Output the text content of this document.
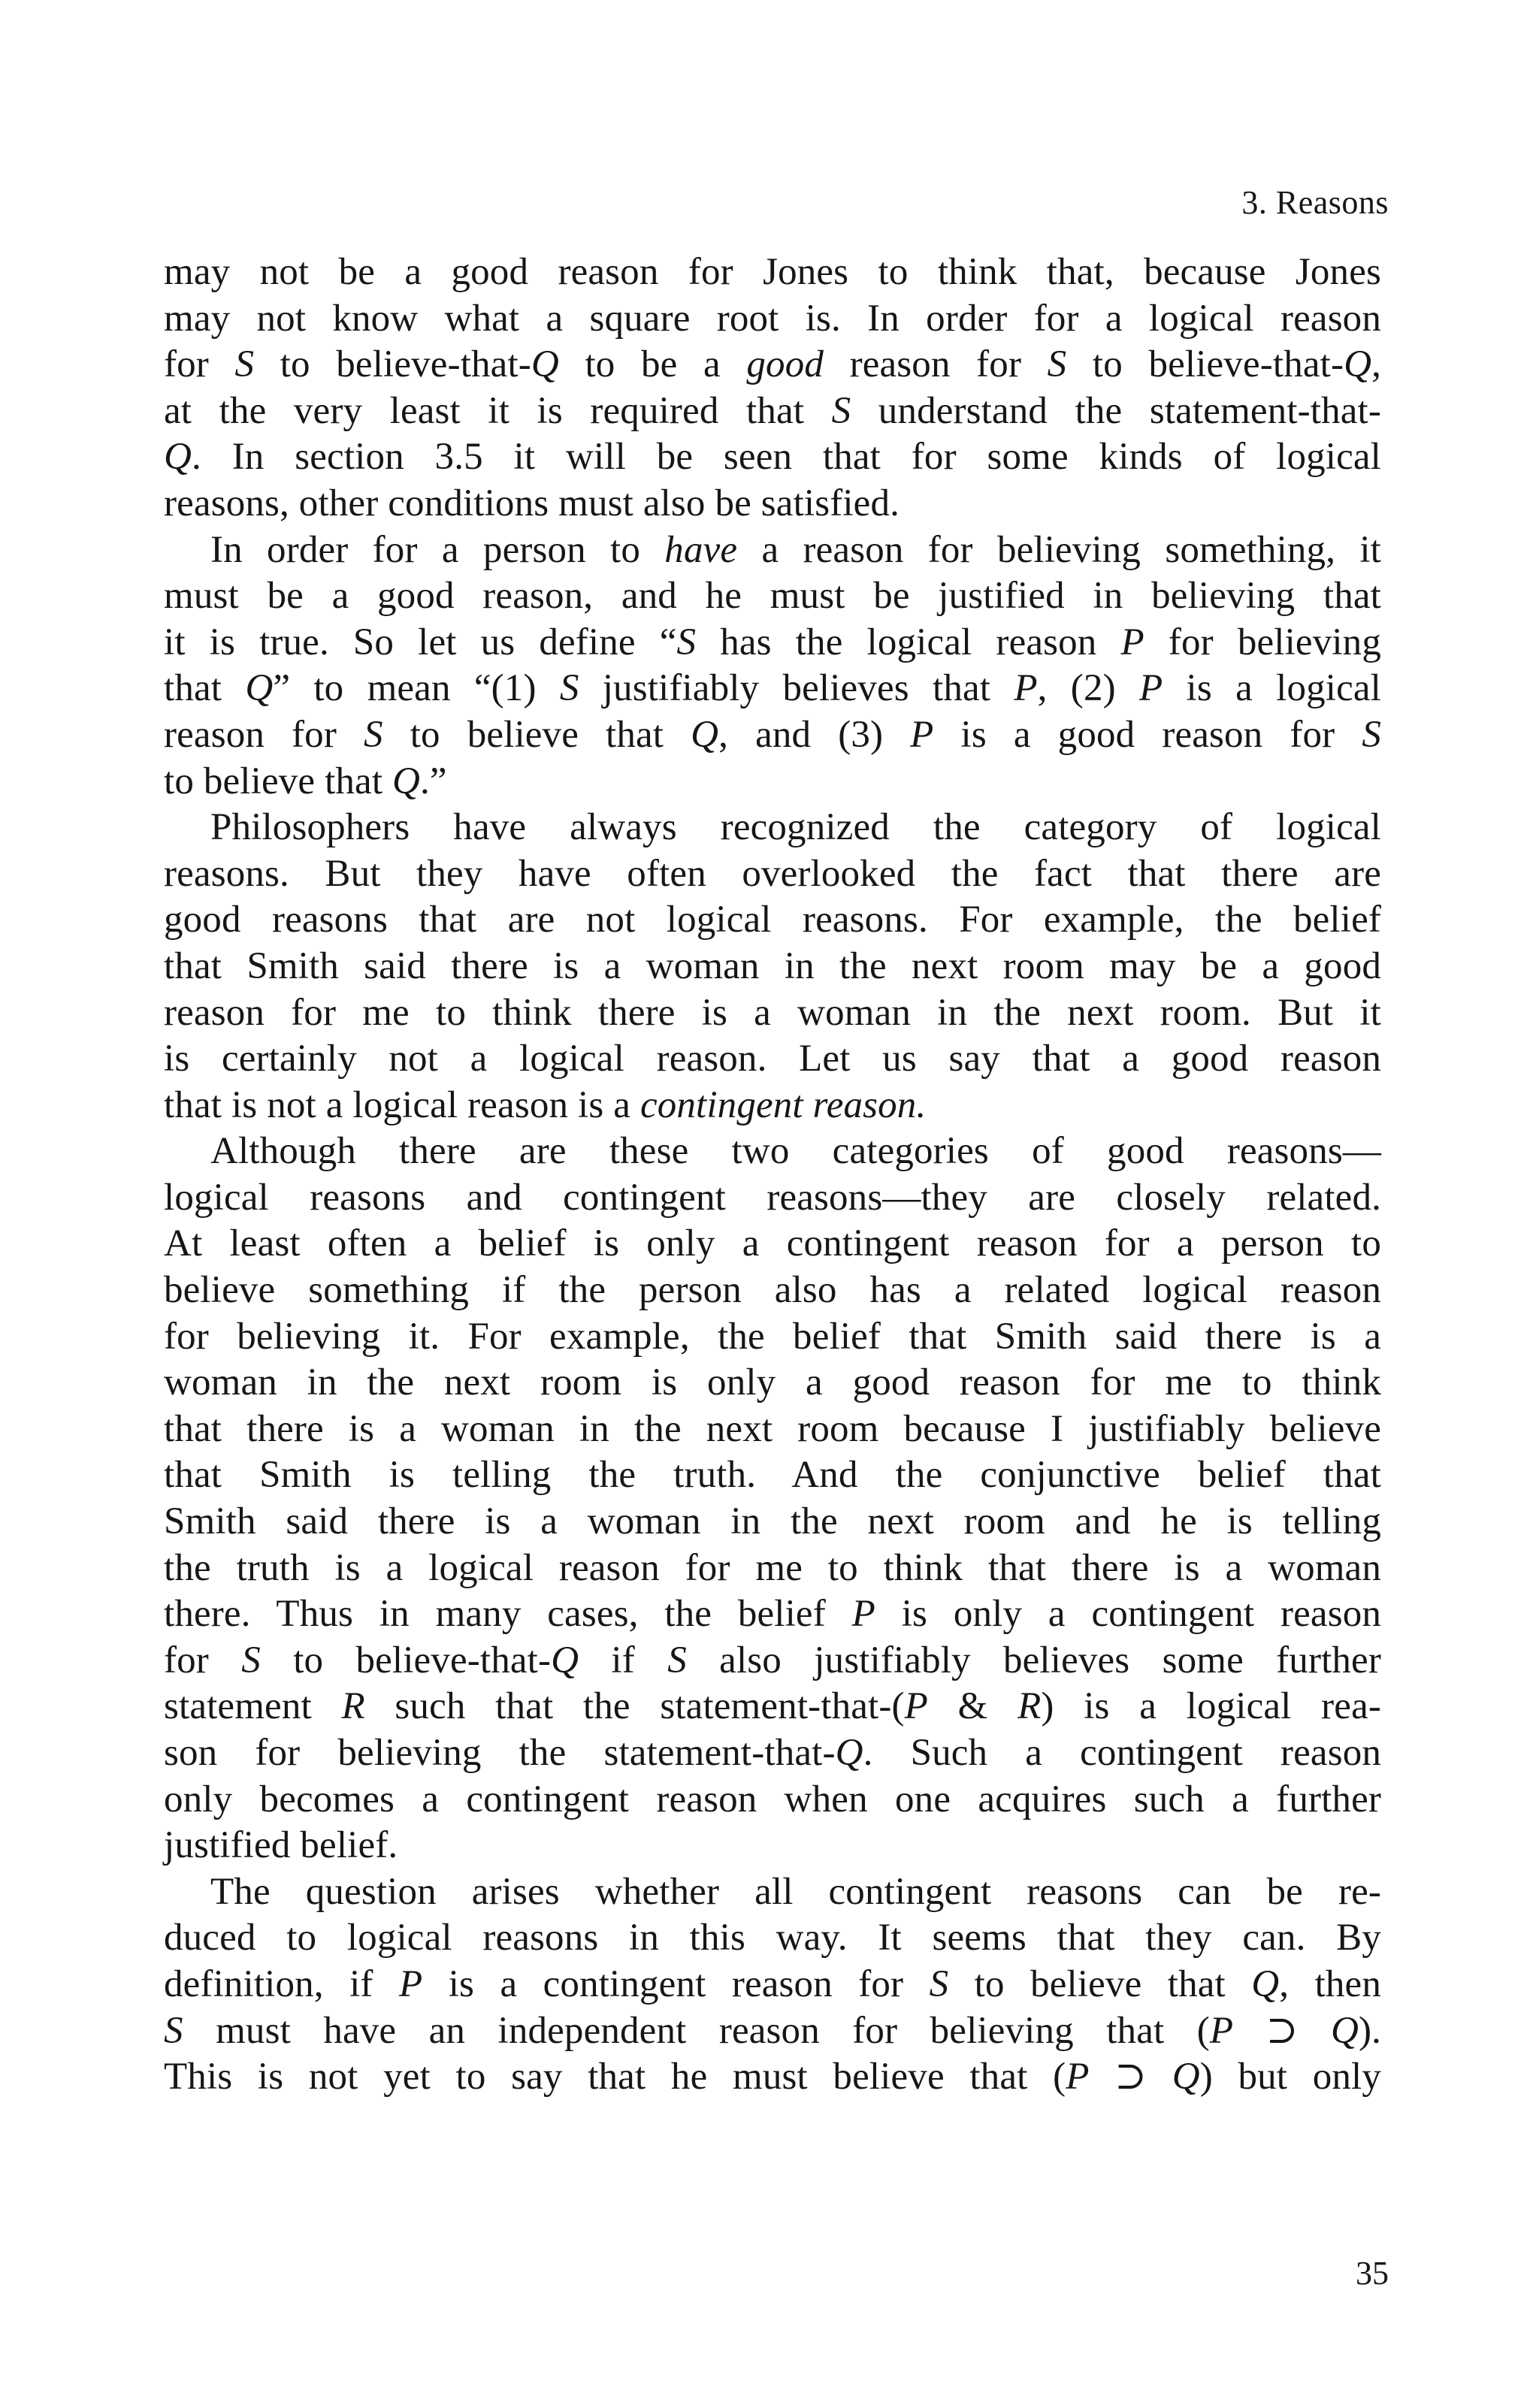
3. Reasons

may not be a good reason for Jones to think that, because Jones
may not know what a square root is. In order for a logical reason
for S to believe-that-Q to be a good reason for S to believe-that-Q,
at the very least it is required that S understand the statement-that-
Q. In section 3.5 it will be seen that for some kinds of logical
reasons, other conditions must also be satisfied.

In order for a person to have a reason for believing something, it
must be a good reason, and he must be justified in believing that
it is true. So let us define “S has the logical reason P for believing
that Q” to mean “(1) S justifiably believes that P, (2) P is a logical
reason for S to believe that Q, and (3) P is a good reason for S
to believe that Q.”

Philosophers have always recognized the category of logical
reasons. But they have often overlooked the fact that there are
good reasons that are not logical reasons. For example, the belief
that Smith said there is a woman in the next room may be a good
reason for me to think there is a woman in the next room. But it
is certainly not a logical reason. Let us say that a good reason
that is not a logical reason is a contingent reason.

Although there are these two categories of good reasons—
logical reasons and contingent reasons—they are closely related.
At least often a belief is only a contingent reason for a person to
believe something if the person also has a related logical reason
for believing it. For example, the belief that Smith said there is a
woman in the next room is only a good reason for me to think
that there is a woman in the next room because I justifiably believe
that Smith is telling the truth. And the conjunctive belief that
Smith said there is a woman in the next room and he is telling
the truth is a logical reason for me to think that there is a woman
there. Thus in many cases, the belief P is only a contingent reason
for S to believe-that-Q if S also justifiably believes some further
statement R such that the statement-that-(P & R) is a logical rea-
son for believing the statement-that-Q. Such a contingent reason
only becomes a contingent reason when one acquires such a further
justified belief.

The question arises whether all contingent reasons can be re-
duced to logical reasons in this way. It seems that they can. By
definition, if P is a contingent reason for S to believe that Q, then
S must have an independent reason for believing that (P ⊃ Q).
This is not yet to say that he must believe that (P ⊃ Q) but only

35
